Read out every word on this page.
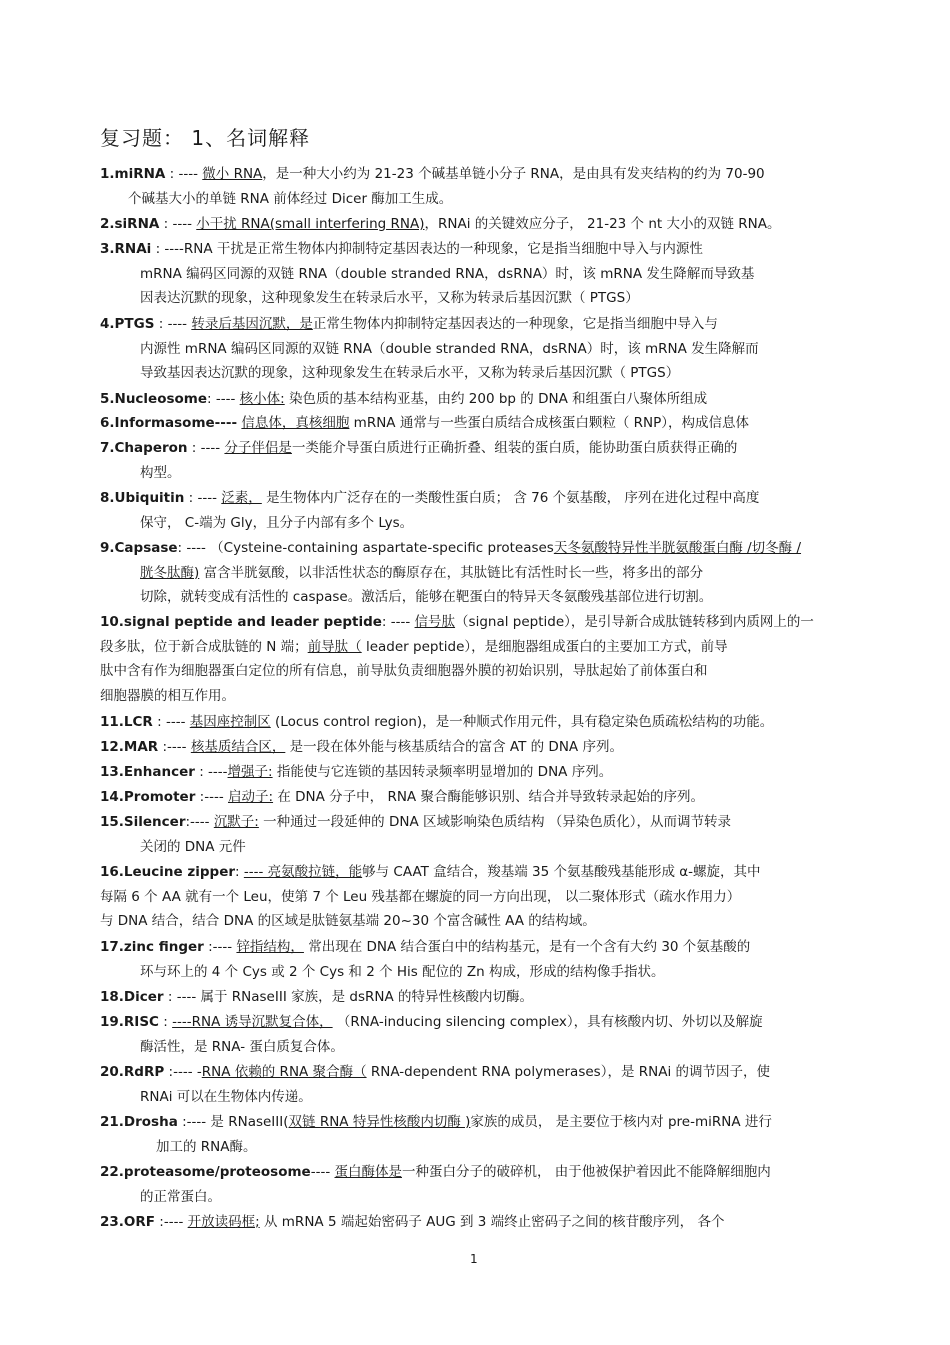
复习题： 1、名词解释
1.miRNA : ---- 微小 RNA，是一种大小约为 21-23 个碱基单链小分子 RNA，是由具有发夹结构的约为 70-90
个碱基大小的单链 RNA 前体经过 Dicer 酶加工生成。
2.siRNA : ---- 小干扰 RNA(small interfering RNA)，RNAi 的关键效应分子， 21-23 个 nt 大小的双链 RNA。
3.RNAi : ----RNA 干扰是正常生物体内抑制特定基因表达的一种现象，它是指当细胞中导入与内源性
mRNA 编码区同源的双链 RNA（double stranded RNA，dsRNA）时，该 mRNA 发生降解而导致基
因表达沉默的现象，这种现象发生在转录后水平，又称为转录后基因沉默（ PTGS）
4.PTGS : ---- 转录后基因沉默，是正常生物体内抑制特定基因表达的一种现象，它是指当细胞中导入与
内源性 mRNA 编码区同源的双链 RNA（double stranded RNA，dsRNA）时，该 mRNA 发生降解而
导致基因表达沉默的现象，这种现象发生在转录后水平，又称为转录后基因沉默（ PTGS）
5.Nucleosome: ---- 核小体: 染色质的基本结构亚基，由约 200 bp 的 DNA 和组蛋白八聚体所组成
6.Informasome---- 信息体，真核细胞 mRNA 通常与一些蛋白质结合成核蛋白颗粒（ RNP），构成信息体
7.Chaperon : ---- 分子伴侣是一类能介导蛋白质进行正确折叠、组装的蛋白质，能协助蛋白质获得正确的
构型。
8.Ubiquitin : ---- 泛素， 是生物体内广泛存在的一类酸性蛋白质； 含 76 个氨基酸， 序列在进化过程中高度
保守， C-端为 Gly，且分子内部有多个 Lys。
9.Capsase: ---- （Cysteine-containing aspartate-specific proteases天冬氨酸特异性半胱氨酸蛋白酶 /切冬酶 /
胱冬肽酶) 富含半胱氨酸，以非活性状态的酶原存在，其肽链比有活性时长一些，将多出的部分
切除，就转变成有活性的 caspase。激活后，能够在靶蛋白的特异天冬氨酸残基部位进行切割。
10.signal peptide and leader peptide: ---- 信号肽（signal peptide），是引导新合成肽链转移到内质网上的一
段多肽，位于新合成肽链的 N 端；前导肽（ leader peptide），是细胞器组成蛋白的主要加工方式，前导
肽中含有作为细胞器蛋白定位的所有信息，前导肽负责细胞器外膜的初始识别，导肽起始了前体蛋白和
细胞器膜的相互作用。
11.LCR : ---- 基因座控制区 (Locus control region)，是一种顺式作用元件，具有稳定染色质疏松结构的功能。
12.MAR :---- 核基质结合区， 是一段在体外能与核基质结合的富含 AT 的 DNA 序列。
13.Enhancer : ----增强子: 指能使与它连锁的基因转录频率明显增加的 DNA 序列。
14.Promoter :---- 启动子: 在 DNA 分子中， RNA 聚合酶能够识别、结合并导致转录起始的序列。
15.Silencer:---- 沉默子: 一种通过一段延伸的 DNA 区域影响染色质结构 （异染色质化），从而调节转录
关闭的 DNA 元件
16.Leucine zipper: ---- 亮氨酸拉链，能够与 CAAT 盒结合，羧基端 35 个氨基酸残基能形成 α-螺旋，其中
每隔 6 个 AA 就有一个 Leu，使第 7 个 Leu 残基都在螺旋的同一方向出现， 以二聚体形式（疏水作用力）
与 DNA 结合，结合 DNA 的区域是肽链氨基端 20~30 个富含碱性 AA 的结构域。
17.zinc finger :---- 锌指结构， 常出现在 DNA 结合蛋白中的结构基元，是有一个含有大约 30 个氨基酸的
环与环上的 4 个 Cys 或 2 个 Cys 和 2 个 His 配位的 Zn 构成，形成的结构像手指状。
18.Dicer : ---- 属于 RNaseIII 家族，是 dsRNA 的特异性核酸内切酶。
19.RISC : ----RNA 诱导沉默复合体， （RNA-inducing silencing complex），具有核酸内切、外切以及解旋
酶活性，是 RNA- 蛋白质复合体。
20.RdRP :---- -RNA 依赖的 RNA 聚合酶（ RNA-dependent RNA polymerases），是 RNAi 的调节因子，使
RNAi 可以在生物体内传递。
21.Drosha :---- 是 RNaseIII(双链 RNA 特异性核酸内切酶 )家族的成员， 是主要位于核内对 pre-miRNA 进行
加工的 RNA酶。
22.proteasome/proteosome---- 蛋白酶体是一种蛋白分子的破碎机， 由于他被保护着因此不能降解细胞内
的正常蛋白。
23.ORF :---- 开放读码框; 从 mRNA 5 端起始密码子 AUG 到 3 端终止密码子之间的核苷酸序列， 各个
1
